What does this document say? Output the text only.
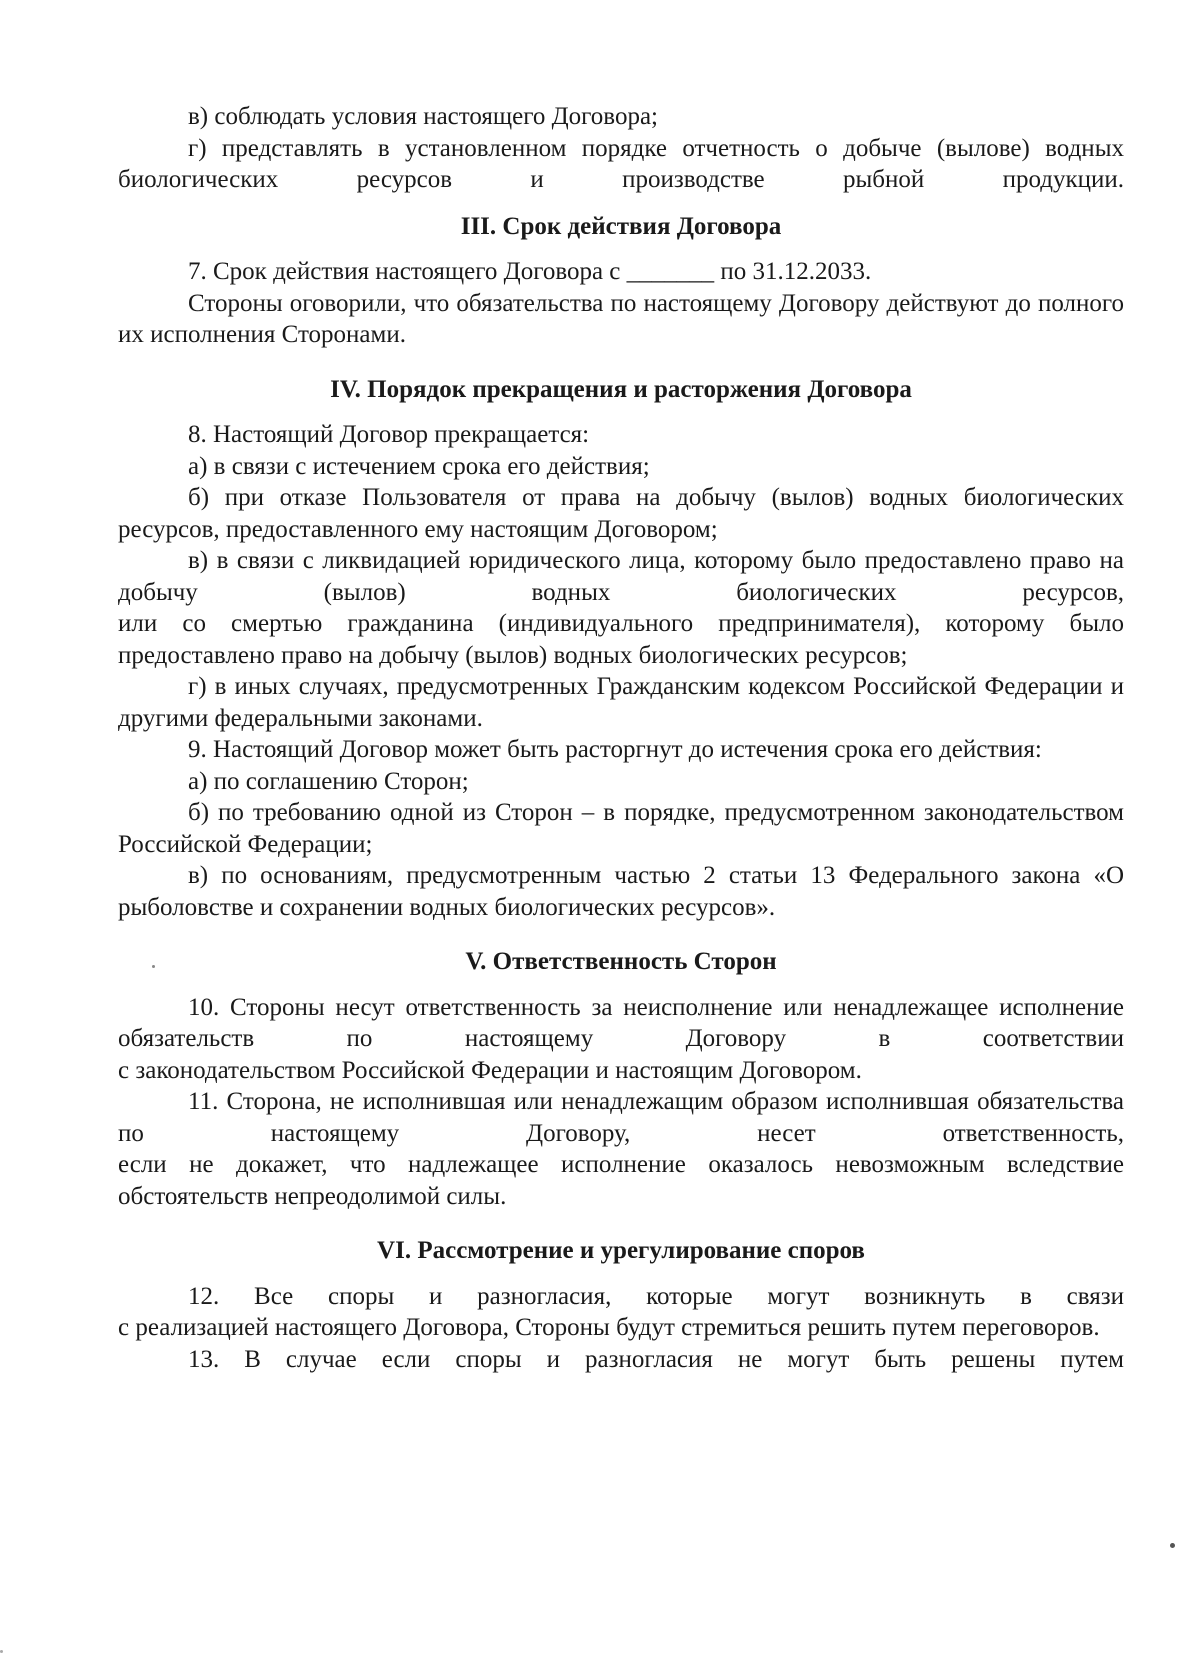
в) соблюдать условия настоящего Договора;

г) представлять в установленном порядке отчетность о добыче (вылове) водных биологических ресурсов и производстве рыбной продукции.

III. Срок действия Договора

7. Срок действия настоящего Договора с _______ по 31.12.2033.

Стороны оговорили, что обязательства по настоящему Договору действуют до полного их исполнения Сторонами.

IV. Порядок прекращения и расторжения Договора

8. Настоящий Договор прекращается:

а) в связи с истечением срока его действия;

б) при отказе Пользователя от права на добычу (вылов) водных биологических ресурсов, предоставленного ему настоящим Договором;

в) в связи с ликвидацией юридического лица, которому было предоставлено право на добычу (вылов) водных биологических ресурсов,

или со смертью гражданина (индивидуального предпринимателя), которому было предоставлено право на добычу (вылов) водных биологических ресурсов;

г) в иных случаях, предусмотренных Гражданским кодексом Российской Федерации и другими федеральными законами.

9. Настоящий Договор может быть расторгнут до истечения срока его действия:

а) по соглашению Сторон;

б) по требованию одной из Сторон – в порядке, предусмотренном законодательством Российской Федерации;

в) по основаниям, предусмотренным частью 2 статьи 13 Федерального закона «О рыболовстве и сохранении водных биологических ресурсов».

V. Ответственность Сторон

10. Стороны несут ответственность за неисполнение или ненадлежащее исполнение обязательств по настоящему Договору в соответствии

с законодательством Российской Федерации и настоящим Договором.

11. Сторона, не исполнившая или ненадлежащим образом исполнившая обязательства по настоящему Договору, несет ответственность,

если не докажет, что надлежащее исполнение оказалось невозможным вследствие обстоятельств непреодолимой силы.

VI. Рассмотрение и урегулирование споров

12. Все споры и разногласия, которые могут возникнуть в связи

с реализацией настоящего Договора, Стороны будут стремиться решить путем переговоров.

13. В случае если споры и разногласия не могут быть решены путем
